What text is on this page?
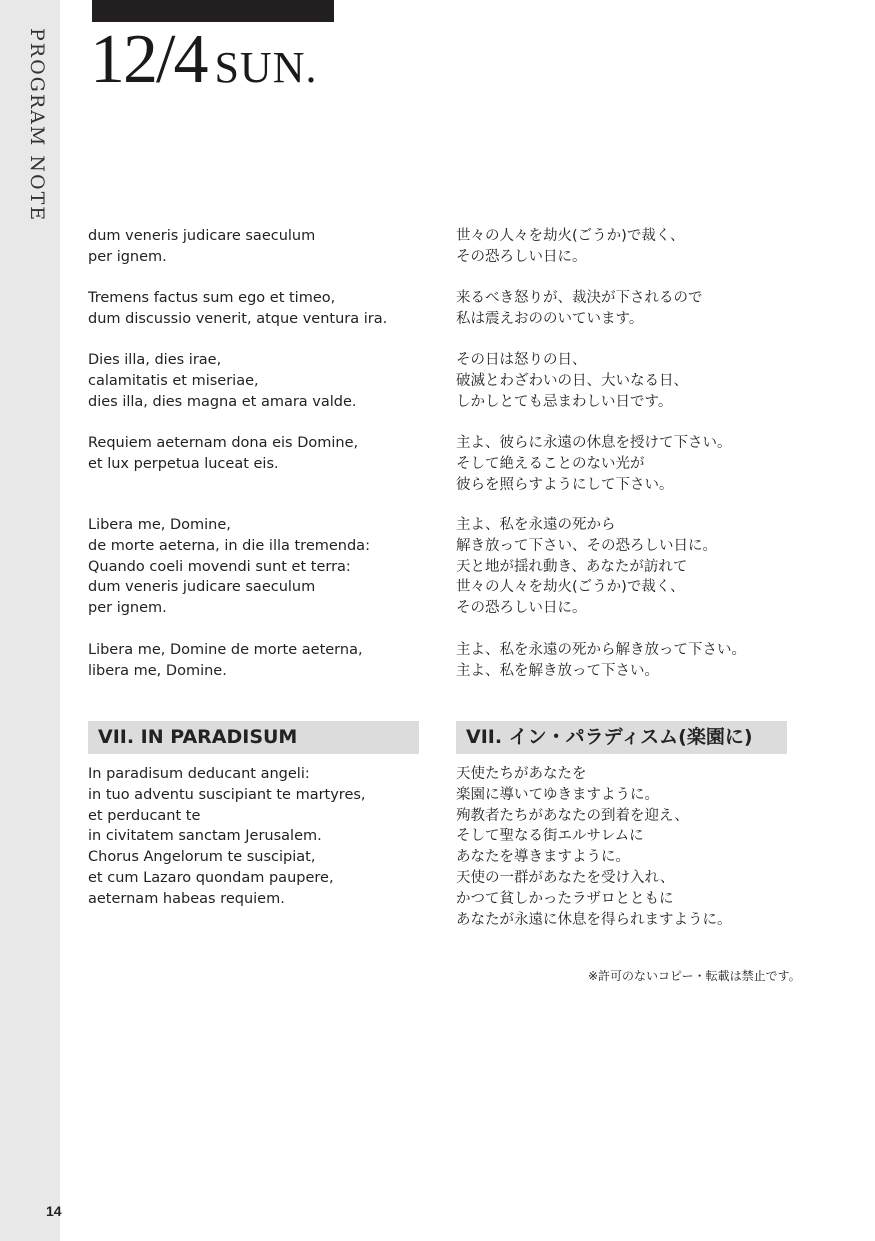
PROGRAM NOTE
14
12/4 SUN.
dum veneris judicare saeculum
per ignem.
Tremens factus sum ego et timeo,
dum discussio venerit, atque ventura ira.
Dies illa, dies irae,
calamitatis et miseriae,
dies illa, dies magna et amara valde.
Requiem aeternam dona eis Domine,
et lux perpetua luceat eis.
Libera me, Domine,
de morte aeterna, in die illa tremenda:
Quando coeli movendi sunt et terra:
dum veneris judicare saeculum
per ignem.
Libera me, Domine de morte aeterna,
libera me, Domine.
VII. IN PARADISUM
In paradisum deducant angeli:
in tuo adventu suscipiant te martyres,
et perducant te
in civitatem sanctam Jerusalem.
Chorus Angelorum te suscipiat,
et cum Lazaro quondam paupere,
aeternam habeas requiem.
世々の人々を劫火(ごうか)で裁く、
その恐ろしい日に。
来るべき怒りが、裁決が下されるので
私は震えおののいています。
その日は怒りの日、
破滅とわざわいの日、大いなる日、
しかしとても忌まわしい日です。
主よ、彼らに永遠の休息を授けて下さい。
そして絶えることのない光が
彼らを照らすようにして下さい。
主よ、私を永遠の死から
解き放って下さい、その恐ろしい日に。
天と地が揺れ動き、あなたが訪れて
世々の人々を劫火(ごうか)で裁く、
その恐ろしい日に。
主よ、私を永遠の死から解き放って下さい。
主よ、私を解き放って下さい。
VII. イン・パラディスム(楽園に)
天使たちがあなたを
楽園に導いてゆきますように。
殉教者たちがあなたの到着を迎え、
そして聖なる街エルサレムに
あなたを導きますように。
天使の一群があなたを受け入れ、
かつて貧しかったラザロとともに
あなたが永遠に休息を得られますように。
※許可のないコピー・転載は禁止です。
